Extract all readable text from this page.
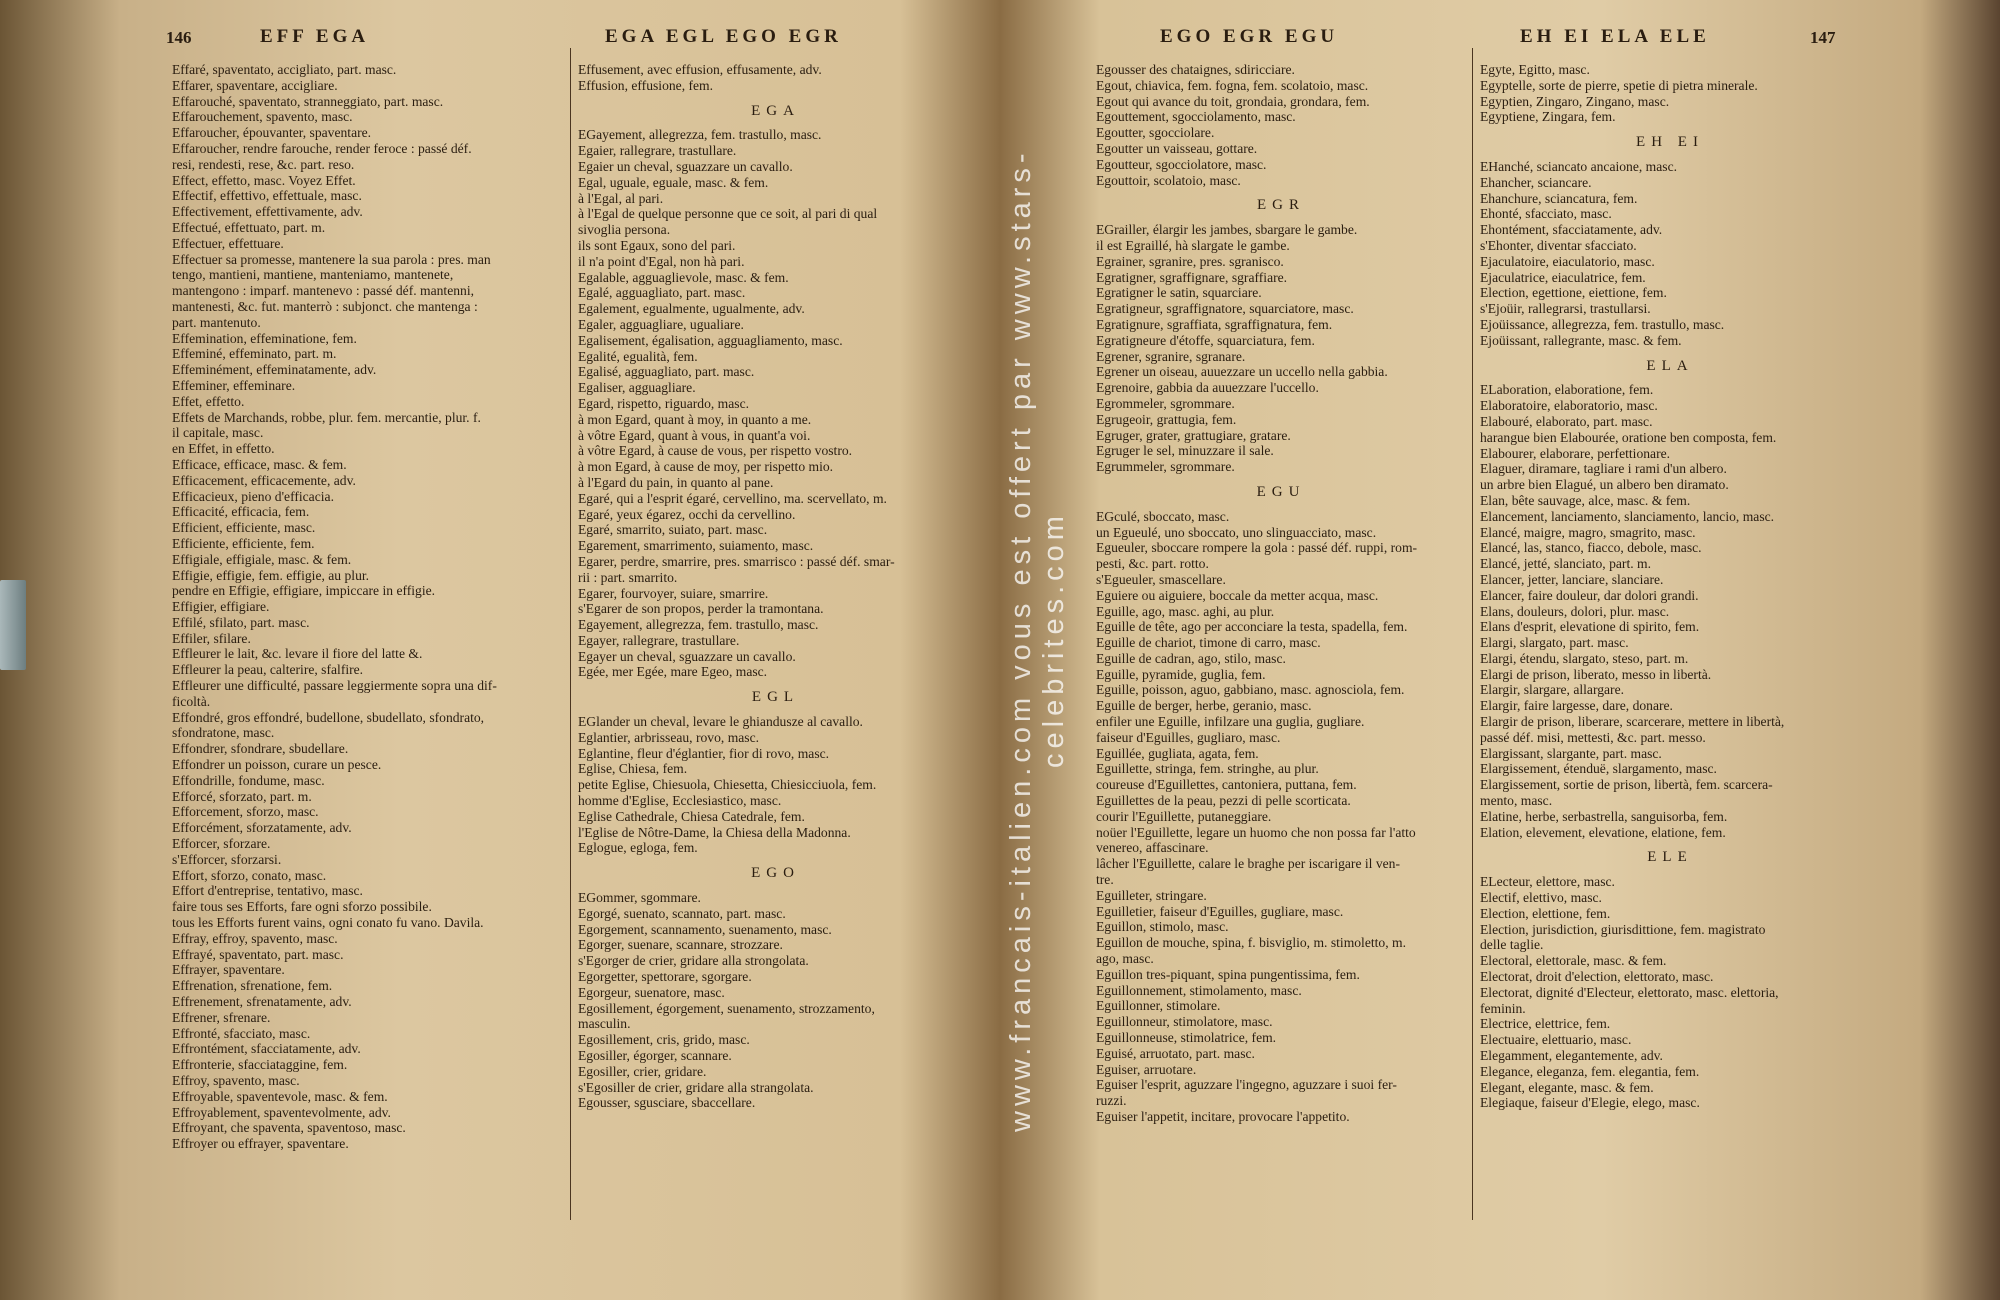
146	EFF EGA	EGA EGL EGO EGR
Effaré, spaventato, accigliato, part. masc.
Effarer, spaventare, accigliare.
Effarouché, spaventato, stranneggiato, part. masc.
Effarouchement, spavento, masc.
Effaroucher, épouvanter, spaventare.
Effaroucher, rendre farouche, render feroce : passé déf.
resi, rendesti, rese, &c. part. reso.
Effect, effetto, masc. Voyez Effet.
Effectif, effettivo, effettuale, masc.
Effectivement, effettivamente, adv.
Effectué, effettuato, part. m.
Effectuer, effettuare.
Effectuer sa promesse, mantenere la sua parola : pres. man
tengo, mantieni, mantiene, manteniamo, mantenete,
mantengono : imparf. mantenevo : passé déf. mantenni,
mantenesti, &c. fut. manterrò : subjonct. che mantenga :
part. mantenuto.
Effemination, effeminatione, fem.
Effeminé, effeminato, part. m.
Effeminément, effeminatamente, adv.
Effeminer, effeminare.
Effet, effetto.
Effets de Marchands, robbe, plur. fem. mercantie, plur. f.
il capitale, masc.
en Effet, in effetto.
Efficace, efficace, masc. & fem.
Efficacement, efficacemente, adv.
Efficacieux, pieno d'efficacia.
Efficacité, efficacia, fem.
Efficient, efficiente, masc.
Efficiente, efficiente, fem.
Effigiale, effigiale, masc. & fem.
Effigie, effigie, fem. effigie, au plur.
pendre en Effigie, effigiare, impiccare in effigie.
Effigier, effigiare.
Effilé, sfilato, part. masc.
Effiler, sfilare.
Effleurer le lait, &c. levare il fiore del latte &.
Effleurer la peau, calterire, sfalfire.
Effleurer une difficulté, passare leggiermente sopra una dif-
ficoltà.
Effondré, gros effondré, budellone, sbudellato, sfondrato,
sfondratone, masc.
Effondrer, sfondrare, sbudellare.
Effondrer un poisson, curare un pesce.
Effondrille, fondume, masc.
Efforcé, sforzato, part. m.
Efforcement, sforzo, masc.
Efforcément, sforzatamente, adv.
Efforcer, sforzare.
s'Efforcer, sforzarsi.
Effort, sforzo, conato, masc.
Effort d'entreprise, tentativo, masc.
faire tous ses Efforts, fare ogni sforzo possibile.
tous les Efforts furent vains, ogni conato fu vano. Davila.
Effray, effroy, spavento, masc.
Effrayé, spaventato, part. masc.
Effrayer, spaventare.
Effrenation, sfrenatione, fem.
Effrenement, sfrenatamente, adv.
Effrener, sfrenare.
Effronté, sfacciato, masc.
Effrontément, sfacciatamente, adv.
Effronterie, sfacciataggine, fem.
Effroy, spavento, masc.
Effroyable, spaventevole, masc. & fem.
Effroyablement, spaventevolmente, adv.
Effroyant, che spaventa, spaventoso, masc.
Effroyer ou effrayer, spaventare.
Effusement, avec effusion, effusamente, adv.
Effusion, effusione, fem.
EGA
EGayement, allegrezza, fem. trastullo, masc.
Egaier, rallegrare, trastullare.
Egaier un cheval, sguazzare un cavallo.
Egal, uguale, eguale, masc. & fem.
à l'Egal, al pari.
à l'Egal de quelque personne que ce soit, al pari di qual
sivoglia persona.
ils sont Egaux, sono del pari.
il n'a point d'Egal, non hà pari.
Egalable, agguaglievole, masc. & fem.
Egalé, agguagliato, part. masc.
Egalement, egualmente, ugualmente, adv.
Egaler, agguagliare, ugualiare.
Egalisement, égalisation, agguagliamento, masc.
Egalité, egualità, fem.
Egalisé, agguagliato, part. masc.
Egaliser, agguagliare.
Egard, rispetto, riguardo, masc.
à mon Egard, quant à moy, in quanto a me.
à vôtre Egard, quant à vous, in quant'a voi.
à vôtre Egard, à cause de vous, per rispetto vostro.
à mon Egard, à cause de moy, per rispetto mio.
à l'Egard du pain, in quanto al pane.
Egaré, qui a l'esprit égaré, cervellino, ma. scervellato, m.
Egaré, yeux égarez, occhi da cervellino.
Egaré, smarrito, suiato, part. masc.
Egarement, smarrimento, suiamento, masc.
Egarer, perdre, smarrire, pres. smarrisco : passé déf. smar-
rii : part. smarrito.
Egarer, fourvoyer, suiare, smarrire.
s'Egarer de son propos, perder la tramontana.
Egayement, allegrezza, fem. trastullo, masc.
Egayer, rallegrare, trastullare.
Egayer un cheval, sguazzare un cavallo.
Egée, mer Egée, mare Egeo, masc.
EGL
EGlander un cheval, levare le ghiandusze al cavallo.
Eglantier, arbrisseau, rovo, masc.
Eglantine, fleur d'églantier, fior di rovo, masc.
Eglise, Chiesa, fem.
petite Eglise, Chiesuola, Chiesetta, Chiesicciuola, fem.
homme d'Eglise, Ecclesiastico, masc.
Eglise Cathedrale, Chiesa Catedrale, fem.
l'Eglise de Nôtre-Dame, la Chiesa della Madonna.
Eglogue, egloga, fem.
EGO
EGommer, sgommare.
Egorgé, suenato, scannato, part. masc.
Egorgement, scannamento, suenamento, masc.
Egorger, suenare, scannare, strozzare.
s'Egorger de crier, gridare alla strongolata.
Egorgetter, spettorare, sgorgare.
Egorgeur, suenatore, masc.
Egosillement, égorgement, suenamento, strozzamento,
masculin.
Egosillement, cris, grido, masc.
Egosiller, égorger, scannare.
Egosiller, crier, gridare.
s'Egosiller de crier, gridare alla strangolata.
Egousser, sgusciare, sbaccellare.
EGO EGR EGU	EH EI ELA ELE	147
Egousser des chataignes, sdiricciare.
Egout, chiavica, fem. fogna, fem. scolatoio, masc.
Egout qui avance du toit, grondaia, grondara, fem.
Egouttement, sgocciolamento, masc.
Egoutter, sgocciolare.
Egoutter un vaisseau, gottare.
Egoutteur, sgocciolatore, masc.
Egouttoir, scolatoio, masc.
EGR
EGrailler, élargir les jambes, sbargare le gambe.
il est Egraillé, hà slargate le gambe.
Egrainer, sgranire, pres. sgranisco.
Egratigner, sgraffignare, sgraffiare.
Egratigner le satin, squarciare.
Egratigneur, sgraffignatore, squarciatore, masc.
Egratignure, sgraffiata, sgraffignatura, fem.
Egratigneure d'étoffe, squarciatura, fem.
Egrener, sgranire, sgranare.
Egrener un oiseau, auuezzare un uccello nella gabbia.
Egrenoire, gabbia da auuezzare l'uccello.
Egrommeler, sgrommare.
Egrugeoir, grattugia, fem.
Egruger, grater, grattugiare, gratare.
Egruger le sel, minuzzare il sale.
Egrummeler, sgrommare.
EGU
EGculé, sboccato, masc.
un Egueulé, uno sboccato, uno slinguacciato, masc.
Egueuler, sboccare rompere la gola : passé déf. ruppi, rom-
pesti, &c. part. rotto.
s'Egueuler, smascellare.
Eguiere ou aiguiere, boccale da metter acqua, masc.
Eguille, ago, masc. aghi, au plur.
Eguille de tête, ago per acconciare la testa, spadella, fem.
Eguille de chariot, timone di carro, masc.
Eguille de cadran, ago, stilo, masc.
Eguille, pyramide, guglia, fem.
Eguille, poisson, aguo, gabbiano, masc. agnosciola, fem.
Eguille de berger, herbe, geranio, masc.
enfiler une Eguille, infilzare una guglia, gugliare.
faiseur d'Eguilles, gugliaro, masc.
Eguillée, gugliata, agata, fem.
Eguillette, stringa, fem. stringhe, au plur.
coureuse d'Eguillettes, cantoniera, puttana, fem.
Eguillettes de la peau, pezzi di pelle scorticata.
courir l'Eguillette, putaneggiare.
noüer l'Eguillette, legare un huomo che non possa far l'atto
venereo, affascinare.
lâcher l'Eguillette, calare le braghe per iscarigare il ven-
tre.
Eguilleter, stringare.
Eguilletier, faiseur d'Eguilles, gugliare, masc.
Eguillon, stimolo, masc.
Eguillon de mouche, spina, f. bisviglio, m. stimoletto, m.
ago, masc.
Eguillon tres-piquant, spina pungentissima, fem.
Eguillonnement, stimolamento, masc.
Eguillonner, stimolare.
Eguillonneur, stimolatore, masc.
Eguillonneuse, stimolatrice, fem.
Eguisé, arruotato, part. masc.
Eguiser, arruotare.
Eguiser l'esprit, aguzzare l'ingegno, aguzzare i suoi fer-
ruzzi.
Eguiser l'appetit, incitare, provocare l'appetito.
Egyte, Egitto, masc.
Egyptelle, sorte de pierre, spetie di pietra minerale.
Egyptien, Zingaro, Zingano, masc.
Egyptiene, Zingara, fem.
EH EI
EHanché, sciancato ancaione, masc.
Ehancher, sciancare.
Ehanchure, sciancatura, fem.
Ehonté, sfacciato, masc.
Ehontément, sfacciatamente, adv.
s'Ehonter, diventar sfacciato.
Ejaculatoire, eiaculatorio, masc.
Ejaculatrice, eiaculatrice, fem.
Election, egettione, eiettione, fem.
s'Ejoüir, rallegrarsi, trastullarsi.
Ejoüissance, allegrezza, fem. trastullo, masc.
Ejoüissant, rallegrante, masc. & fem.
ELA
ELaboration, elaboratione, fem.
Elaboratoire, elaboratorio, masc.
Elabouré, elaborato, part. masc.
harangue bien Elabourée, oratione ben composta, fem.
Elabourer, elaborare, perfettionare.
Elaguer, diramare, tagliare i rami d'un albero.
un arbre bien Elagué, un albero ben diramato.
Elan, bête sauvage, alce, masc. & fem.
Elancement, lanciamento, slanciamento, lancio, masc.
Elancé, maigre, magro, smagrito, masc.
Elancé, las, stanco, fiacco, debole, masc.
Elancé, jetté, slanciato, part. m.
Elancer, jetter, lanciare, slanciare.
Elancer, faire douleur, dar dolori grandi.
Elans, douleurs, dolori, plur. masc.
Elans d'esprit, elevatione di spirito, fem.
Elargi, slargato, part. masc.
Elargi, étendu, slargato, steso, part. m.
Elargi de prison, liberato, messo in libertà.
Elargir, slargare, allargare.
Elargir, faire largesse, dare, donare.
Elargir de prison, liberare, scarcerare, mettere in libertà,
passé déf. misi, mettesti, &c. part. messo.
Elargissant, slargante, part. masc.
Elargissement, étenduë, slargamento, masc.
Elargissement, sortie de prison, libertà, fem. scarcera-
mento, masc.
Elatine, herbe, serbastrella, sanguisorba, fem.
Elation, elevement, elevatione, elatione, fem.
ELE
ELecteur, elettore, masc.
Electif, elettivo, masc.
Election, elettione, fem.
Election, jurisdiction, giurisdittione, fem. magistrato
delle taglie.
Electoral, elettorale, masc. & fem.
Electorat, droit d'election, elettorato, masc.
Electorat, dignité d'Electeur, elettorato, masc. elettoria,
feminin.
Electrice, elettrice, fem.
Electuaire, elettuario, masc.
Elegamment, elegantemente, adv.
Elegance, eleganza, fem. elegantia, fem.
Elegant, elegante, masc. & fem.
Elegiaque, faiseur d'Elegie, elego, masc.
www.francais-italien.com vous est offert par www.stars-celebrites.com
